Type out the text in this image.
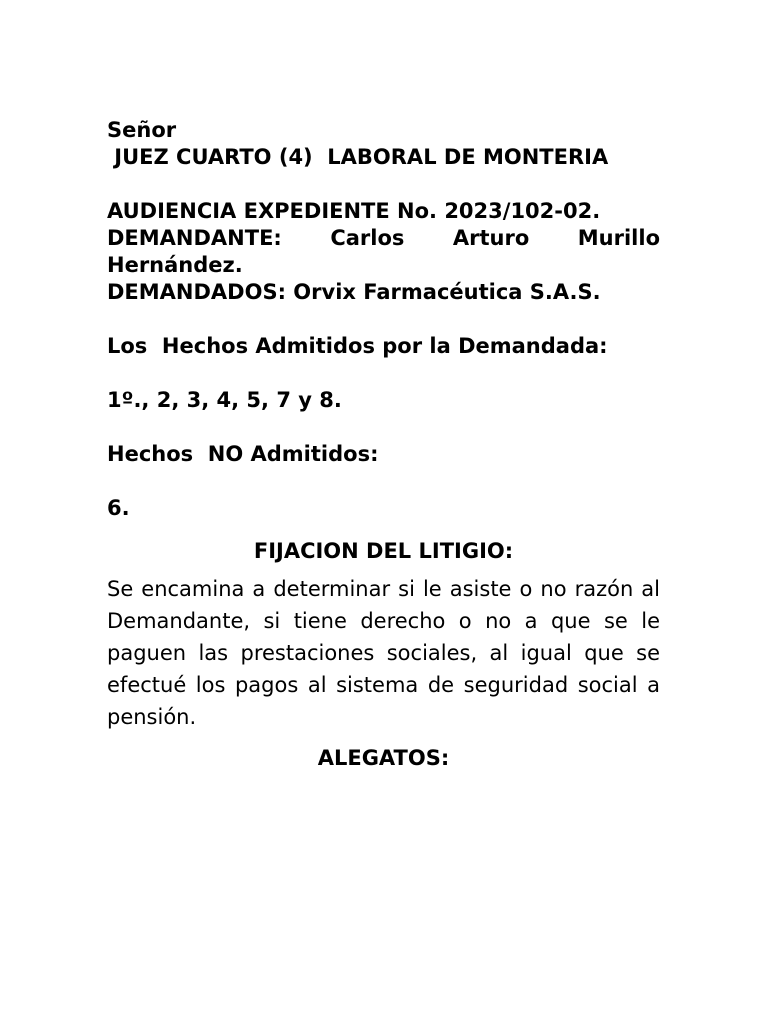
Señor
JUEZ CUARTO (4)  LABORAL DE MONTERIA
AUDIENCIA EXPEDIENTE No. 2023/102-02.
DEMANDANTE: Carlos Arturo Murillo
Hernández.
DEMANDADOS: Orvix Farmacéutica S.A.S.
Los  Hechos Admitidos por la Demandada:
1º., 2, 3, 4, 5, 7 y 8.
Hechos  NO Admitidos:
6.
FIJACION DEL LITIGIO:

Se encamina a determinar si le asiste o no razón al Demandante, si tiene derecho o no a que se le paguen las prestaciones sociales, al igual que se efectué los pagos al sistema de seguridad social a pensión.

ALEGATOS:
